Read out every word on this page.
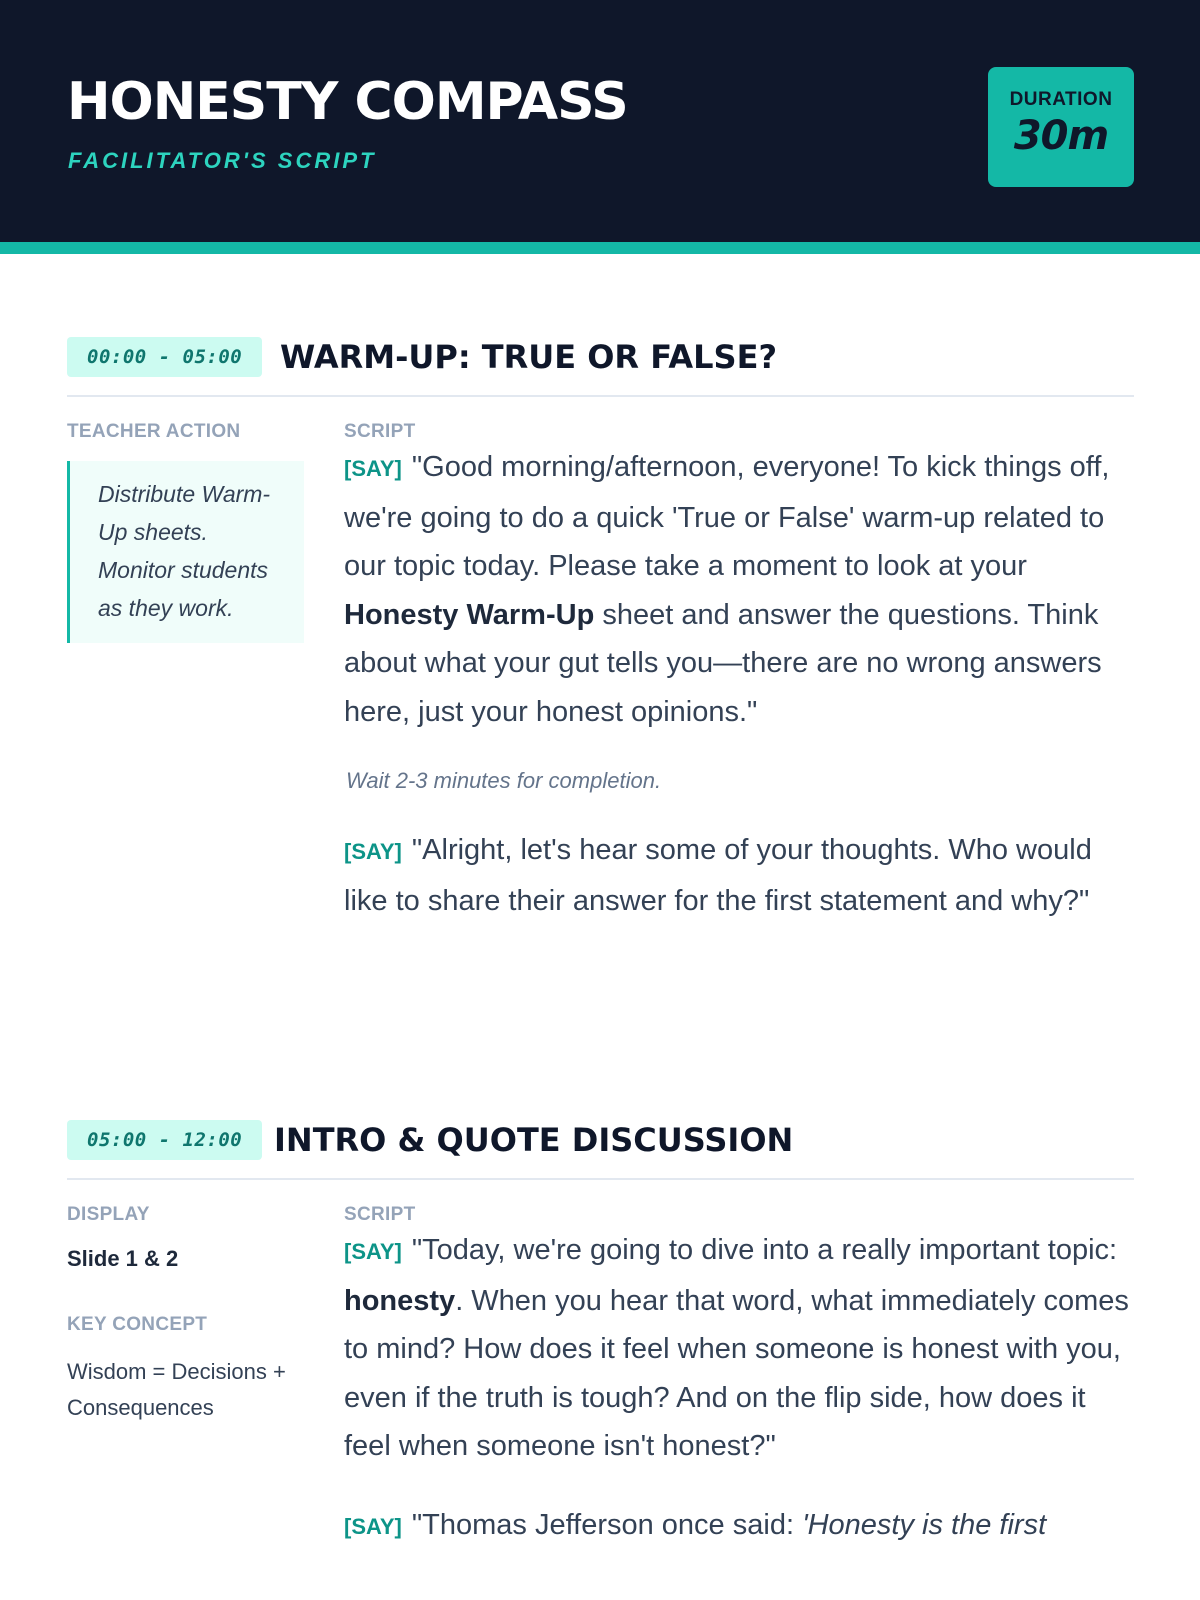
HONESTY COMPASS

FACILITATOR'S SCRIPT

DURATION
30m
00:00 - 05:00	WARM-UP: TRUE OR FALSE?

TEACHER ACTION

Distribute Warm-Up sheets. Monitor students as they work.

SCRIPT

[SAY] "Good morning/afternoon, everyone! To kick things off, we're going to do a quick 'True or False' warm-up related to our topic today. Please take a moment to look at your Honesty Warm-Up sheet and answer the questions. Think about what your gut tells you—there are no wrong answers here, just your honest opinions."

Wait 2-3 minutes for completion.

[SAY] "Alright, let's hear some of your thoughts. Who would like to share their answer for the first statement and why?"

05:00 - 12:00 INTRO & QUOTE DISCUSSION

DISPLAY

Slide 1 & 2

KEY CONCEPT

Wisdom = Decisions + Consequences

SCRIPT

[SAY] "Today, we're going to dive into a really important topic: honesty. When you hear that word, what immediately comes to mind? How does it feel when someone is honest with you, even if the truth is tough? And on the flip side, how does it feel when someone isn't honest?"

[SAY] "Thomas Jefferson once said: 'Honesty is the first
